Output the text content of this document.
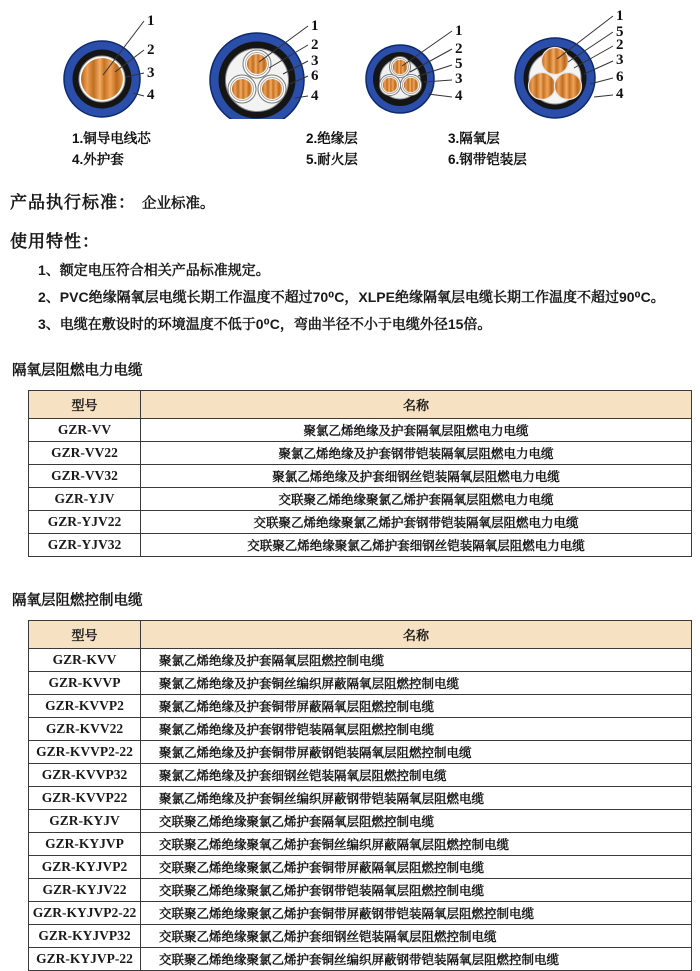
1
2
3
4
1
2
3
6
4
1
2
5
3
4
1
5
2
3
6
4
1.铜导电线芯	2.绝缘层	3.隔氧层
4.外护套	5.耐火层	6.钢带铠装层
产品执行标准： 企业标准。
使用特性：
1、额定电压符合相关产品标准规定。
2、PVC绝缘隔氧层电缆长期工作温度不超过70⁰C，XLPE绝缘隔氧层电缆长期工作温度不超过90⁰C。
3、电缆在敷设时的环境温度不低于0⁰C，弯曲半径不小于电缆外径15倍。
隔氧层阻燃电力电缆
型号	名称
GZR-VV	聚氯乙烯绝缘及护套隔氧层阻燃电力电缆
GZR-VV22	聚氯乙烯绝缘及护套钢带铠装隔氧层阻燃电力电缆
GZR-VV32	聚氯乙烯绝缘及护套细钢丝铠装隔氧层阻燃电力电缆
GZR-YJV	交联聚乙烯绝缘聚氯乙烯护套隔氧层阻燃电力电缆
GZR-YJV22	交联聚乙烯绝缘聚氯乙烯护套钢带铠装隔氧层阻燃电力电缆
GZR-YJV32	交联聚乙烯绝缘聚氯乙烯护套细钢丝铠装隔氧层阻燃电力电缆
隔氧层阻燃控制电缆
型号	名称
GZR-KVV	聚氯乙烯绝缘及护套隔氧层阻燃控制电缆
GZR-KVVP	聚氯乙烯绝缘及护套铜丝编织屏蔽隔氧层阻燃控制电缆
GZR-KVVP2	聚氯乙烯绝缘及护套铜带屏蔽隔氧层阻燃控制电缆
GZR-KVV22	聚氯乙烯绝缘及护套钢带铠装隔氧层阻燃控制电缆
GZR-KVVP2-22	聚氯乙烯绝缘及护套铜带屏蔽钢铠装隔氧层阻燃控制电缆
GZR-KVVP32	聚氯乙烯绝缘及护套细钢丝铠装隔氧层阻燃控制电缆
GZR-KVVP22	聚氯乙烯绝缘及护套铜丝编织屏蔽钢带铠装隔氧层阻燃电缆
GZR-KYJV	交联聚乙烯绝缘聚氯乙烯护套隔氧层阻燃控制电缆
GZR-KYJVP	交联聚乙烯绝缘聚氧乙烯护套铜丝编织屏蔽隔氧层阻燃控制电缆
GZR-KYJVP2	交联聚乙烯绝缘聚氯乙烯护套铜带屏蔽隔氧层阻燃控制电缆
GZR-KYJV22	交联聚乙烯绝缘聚氯乙烯护套钢带铠装隔氧层阻燃控制电缆
GZR-KYJVP2-22	交联聚乙烯绝缘聚氯乙烯护套铜带屏蔽钢带铠装隔氧层阻燃控制电缆
GZR-KYJVP32	交联聚乙烯绝缘聚氯乙烯护套细钢丝铠装隔氧层阻燃控制电缆
GZR-KYJVP-22	交联聚乙烯绝缘聚氯乙烯护套铜丝编织屏蔽钢带铠装隔氧层阻燃控制电缆
